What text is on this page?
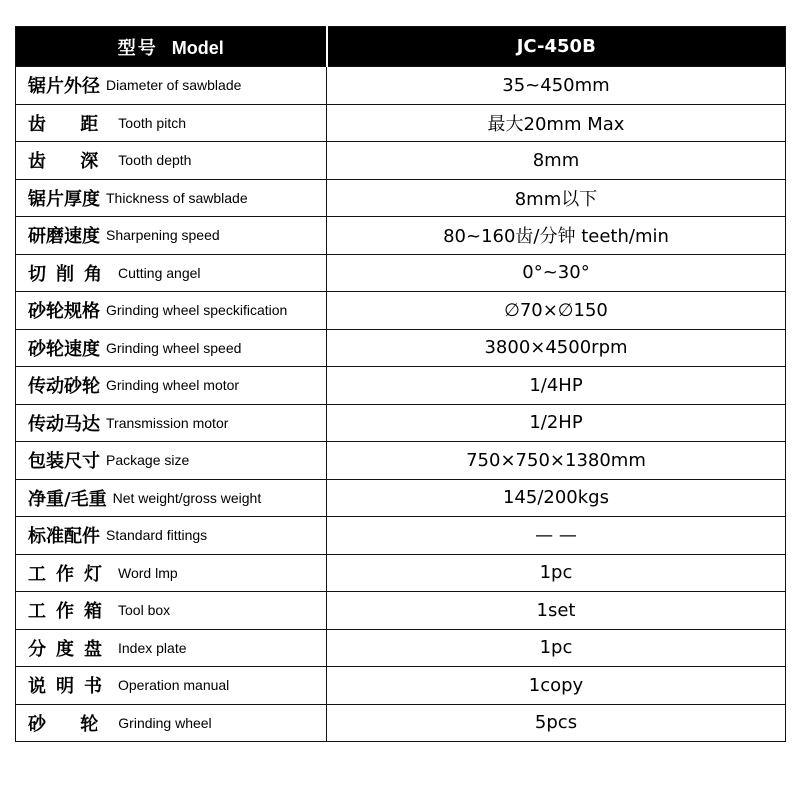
型号 Model	JC-450B
锯片外径 Diameter of sawblade	35~450mm
齿 距 Tooth pitch	最大20mm Max
齿 深 Tooth depth	8mm
锯片厚度 Thickness of sawblade	8mm以下
研磨速度 Sharpening speed	80~160齿/分钟 teeth/min
切削角 Cutting angel	0°~30°
砂轮规格 Grinding wheel speckification	∅70×∅150
砂轮速度 Grinding wheel speed	3800×4500rpm
传动砂轮 Grinding wheel motor	1/4HP
传动马达 Transmission motor	1/2HP
包装尺寸 Package size	750×750×1380mm
净重/毛重 Net weight/gross weight	145/200kgs
标准配件 Standard fittings	— —
工作灯 Word lmp	1pc
工作箱 Tool box	1set
分度盘 Index plate	1pc
说明书 Operation manual	1copy
砂 轮 Grinding wheel	5pcs
